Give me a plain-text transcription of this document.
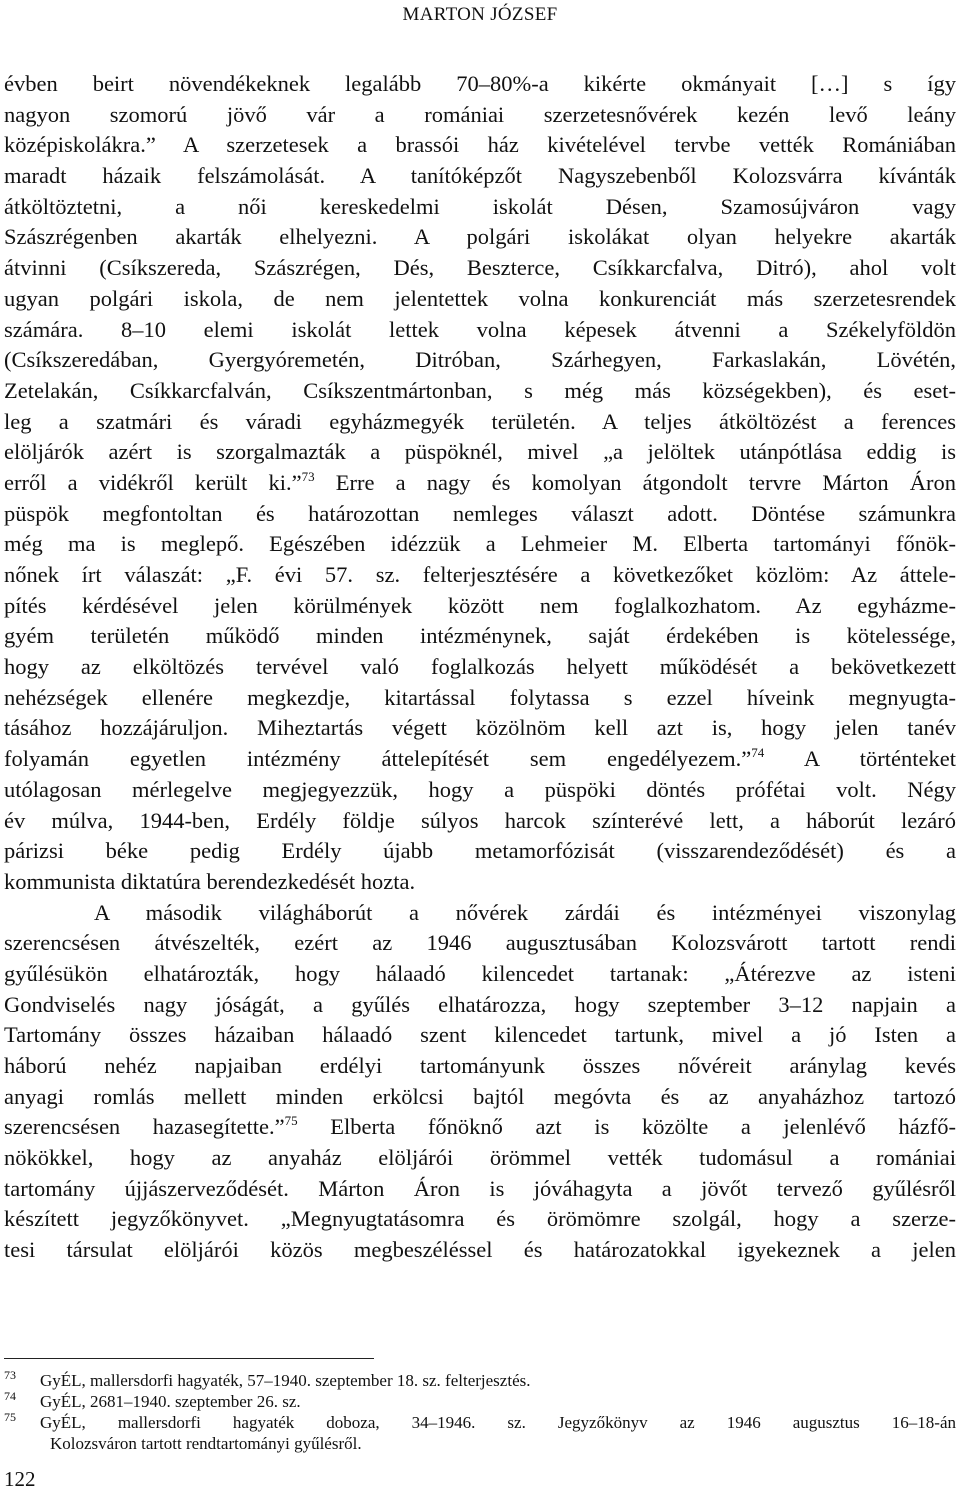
MARTON JÓZSEF
évben beirt növendékeknek legalább 70–80%-a kikérte okmányait […] s így
nagyon szomorú jövő vár a romániai szerzetesnővérek kezén levő leány
középiskolákra.” A szerzetesek a brassói ház kivételével tervbe vették Romániában
maradt házaik felszámolását. A tanítóképzőt Nagyszebenből Kolozsvárra kívánták
átköltöztetni, a női kereskedelmi iskolát Désen, Szamosújváron vagy
Szászrégenben akarták elhelyezni. A polgári iskolákat olyan helyekre akarták
átvinni (Csíkszereda, Szászrégen, Dés, Beszterce, Csíkkarcfalva, Ditró), ahol volt
ugyan polgári iskola, de nem jelentettek volna konkurenciát más szerzetesrendek
számára. 8–10 elemi iskolát lettek volna képesek átvenni a Székelyföldön
(Csíkszeredában, Gyergyóremetén, Ditróban, Szárhegyen, Farkaslakán, Lövétén,
Zetelakán, Csíkkarcfalván, Csíkszentmártonban, s még más községekben), és eset-
leg a szatmári és váradi egyházmegyék területén. A teljes átköltözést a ferences
elöljárók azért is szorgalmazták a püspöknél, mivel „a jelöltek utánpótlása eddig is
erről a vidékről került ki.”$^{73}$ Erre a nagy és komolyan átgondolt tervre Márton Áron
püspök megfontoltan és határozottan nemleges választ adott. Döntése számunkra
még ma is meglepő. Egészében idézzük a Lehmeier M. Elberta tartományi főnök-
nőnek írt válaszát: „F. évi 57. sz. felterjesztésére a következőket közlöm: Az áttele-
pítés kérdésével jelen körülmények között nem foglalkozhatom. Az egyházme-
gyém területén működő minden intézménynek, saját érdekében is kötelessége,
hogy az elköltözés tervével való foglalkozás helyett működését a bekövetkezett
nehézségek ellenére megkezdje, kitartással folytassa s ezzel híveink megnyugta-
tásához hozzájáruljon. Miheztartás végett közölnöm kell azt is, hogy jelen tanév
folyamán egyetlen intézmény áttelepítését sem engedélyezem.”$^{74}$ A történteket
utólagosan mérlegelve megjegyezzük, hogy a püspöki döntés prófétai volt. Négy
év múlva, 1944-ben, Erdély földje súlyos harcok színterévé lett, a háborút lezáró
párizsi béke pedig Erdély újabb metamorfózisát (visszarendeződését) és a
kommunista diktatúra berendezkedését hozta.
A második világháborút a nővérek zárdái és intézményei viszonylag
szerencsésen átvészelték, ezért az 1946 augusztusában Kolozsvárott tartott rendi
gyűlésükön elhatározták, hogy hálaadó kilencedet tartanak: „Átérezve az isteni
Gondviselés nagy jóságát, a gyűlés elhatározza, hogy szeptember 3–12 napjain a
Tartomány összes házaiban hálaadó szent kilencedet tartunk, mivel a jó Isten a
háború nehéz napjaiban erdélyi tartományunk összes nővéreit aránylag kevés
anyagi romlás mellett minden erkölcsi bajtól megóvta és az anyaházhoz tartozó
szerencsésen hazasegítette.”$^{75}$ Elberta főnöknő azt is közölte a jelenlévő házfő-
nökökkel, hogy az anyaház elöljárói örömmel vették tudomásul a romániai
tartomány újjászerveződését. Márton Áron is jóváhagyta a jövőt tervező gyűlésről
készített jegyzőkönyvet. „Megnyugtatásomra és örömömre szolgál, hogy a szerze-
tesi társulat elöljárói közös megbeszéléssel és határozatokkal igyekeznek a jelen
73 GyÉL, mallersdorfi hagyaték, 57–1940. szeptember 18. sz. felterjesztés.
74 GyÉL, 2681–1940. szeptember 26. sz.
75 GyÉL, mallersdorfi hagyaték doboza, 34–1946. sz. Jegyzőkönyv az 1946 augusztus 16–18-án
Kolozsváron tartott rendtartományi gyűlésről.
122
